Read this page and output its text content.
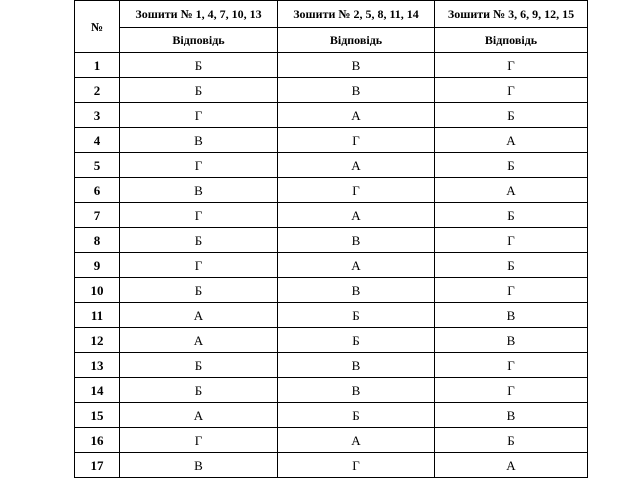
№	Зошити № 1, 4, 7, 10, 13	Зошити № 2, 5, 8, 11, 14	Зошити № 3, 6, 9, 12, 15
	Відповідь	Відповідь	Відповідь
1	Б	В	Г
2	Б	В	Г
3	Г	А	Б
4	В	Г	А
5	Г	А	Б
6	В	Г	А
7	Г	А	Б
8	Б	В	Г
9	Г	А	Б
10	Б	В	Г
11	А	Б	В
12	А	Б	В
13	Б	В	Г
14	Б	В	Г
15	А	Б	В
16	Г	А	Б
17	В	Г	А
